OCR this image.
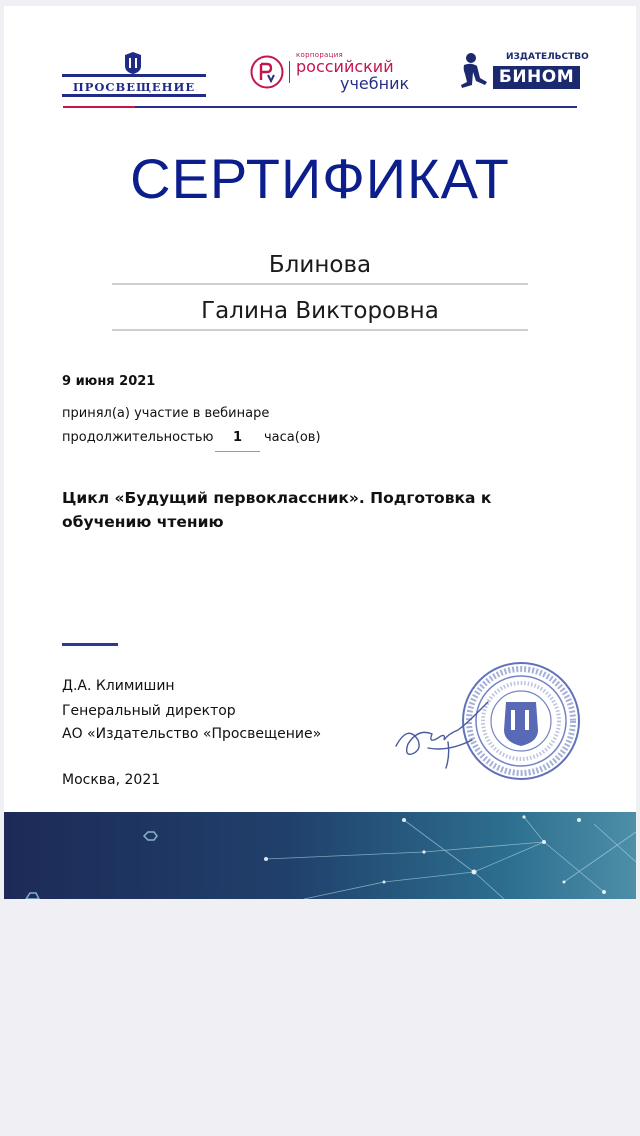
ПРОСВЕЩЕНИЕ
корпорация
российский
учебник
ИЗДАТЕЛЬСТВО
БИНОМ
СЕРТИФИКАТ
Блинова
Галина Викторовна
9 июня 2021
принял(а) участие в вебинаре
продолжительностью	1	часа(ов)
Цикл «Будущий первоклассник». Подготовка к обучению чтению
Д.А. Климишин
Генеральный директор
АО «Издательство «Просвещение»
Москва, 2021
